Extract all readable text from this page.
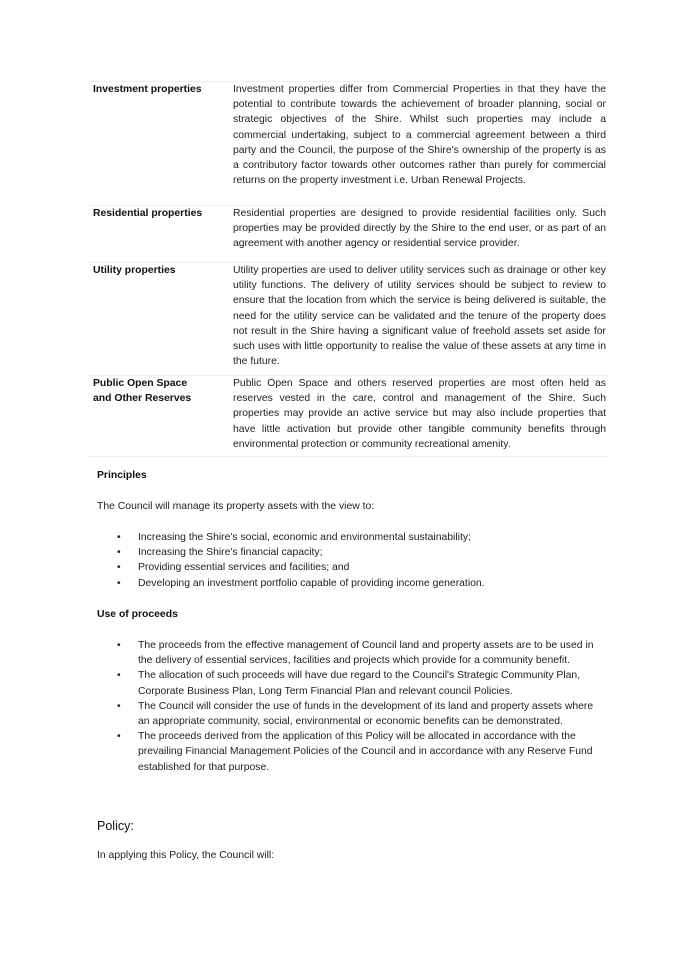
Investment properties	Investment properties differ from Commercial Properties in that they have the potential to contribute towards the achievement of broader planning, social or strategic objectives of the Shire. Whilst such properties may include a commercial undertaking, subject to a commercial agreement between a third party and the Council, the purpose of the Shire's ownership of the property is as a contributory factor towards other outcomes rather than purely for commercial returns on the property investment i.e. Urban Renewal Projects.

Residential properties	Residential properties are designed to provide residential facilities only. Such properties may be provided directly by the Shire to the end user, or as part of an agreement with another agency or residential service provider.

Utility properties	Utility properties are used to deliver utility services such as drainage or other key utility functions. The delivery of utility services should be subject to review to ensure that the location from which the service is being delivered is suitable, the need for the utility service can be validated and the tenure of the property does not result in the Shire having a significant value of freehold assets set aside for such uses with little opportunity to realise the value of these assets at any time in the future.

Public Open Space
and Other Reserves	Public Open Space and others reserved properties are most often held as reserves vested in the care, control and management of the Shire. Such properties may provide an active service but may also include properties that have little activation but provide other tangible community benefits through environmental protection or community recreational amenity.
Principles
The Council will manage its property assets with the view to:
• Increasing the Shire's social, economic and environmental sustainability;
• Increasing the Shire's financial capacity;
• Providing essential services and facilities; and
• Developing an investment portfolio capable of providing income generation.
Use of proceeds
• The proceeds from the effective management of Council land and property assets are to be used in the delivery of essential services, facilities and projects which provide for a community benefit.
• The allocation of such proceeds will have due regard to the Council's Strategic Community Plan, Corporate Business Plan, Long Term Financial Plan and relevant council Policies.
• The Council will consider the use of funds in the development of its land and property assets where an appropriate community, social, environmental or economic benefits can be demonstrated.
• The proceeds derived from the application of this Policy will be allocated in accordance with the prevailing Financial Management Policies of the Council and in accordance with any Reserve Fund established for that purpose.
Policy:
In applying this Policy, the Council will:
